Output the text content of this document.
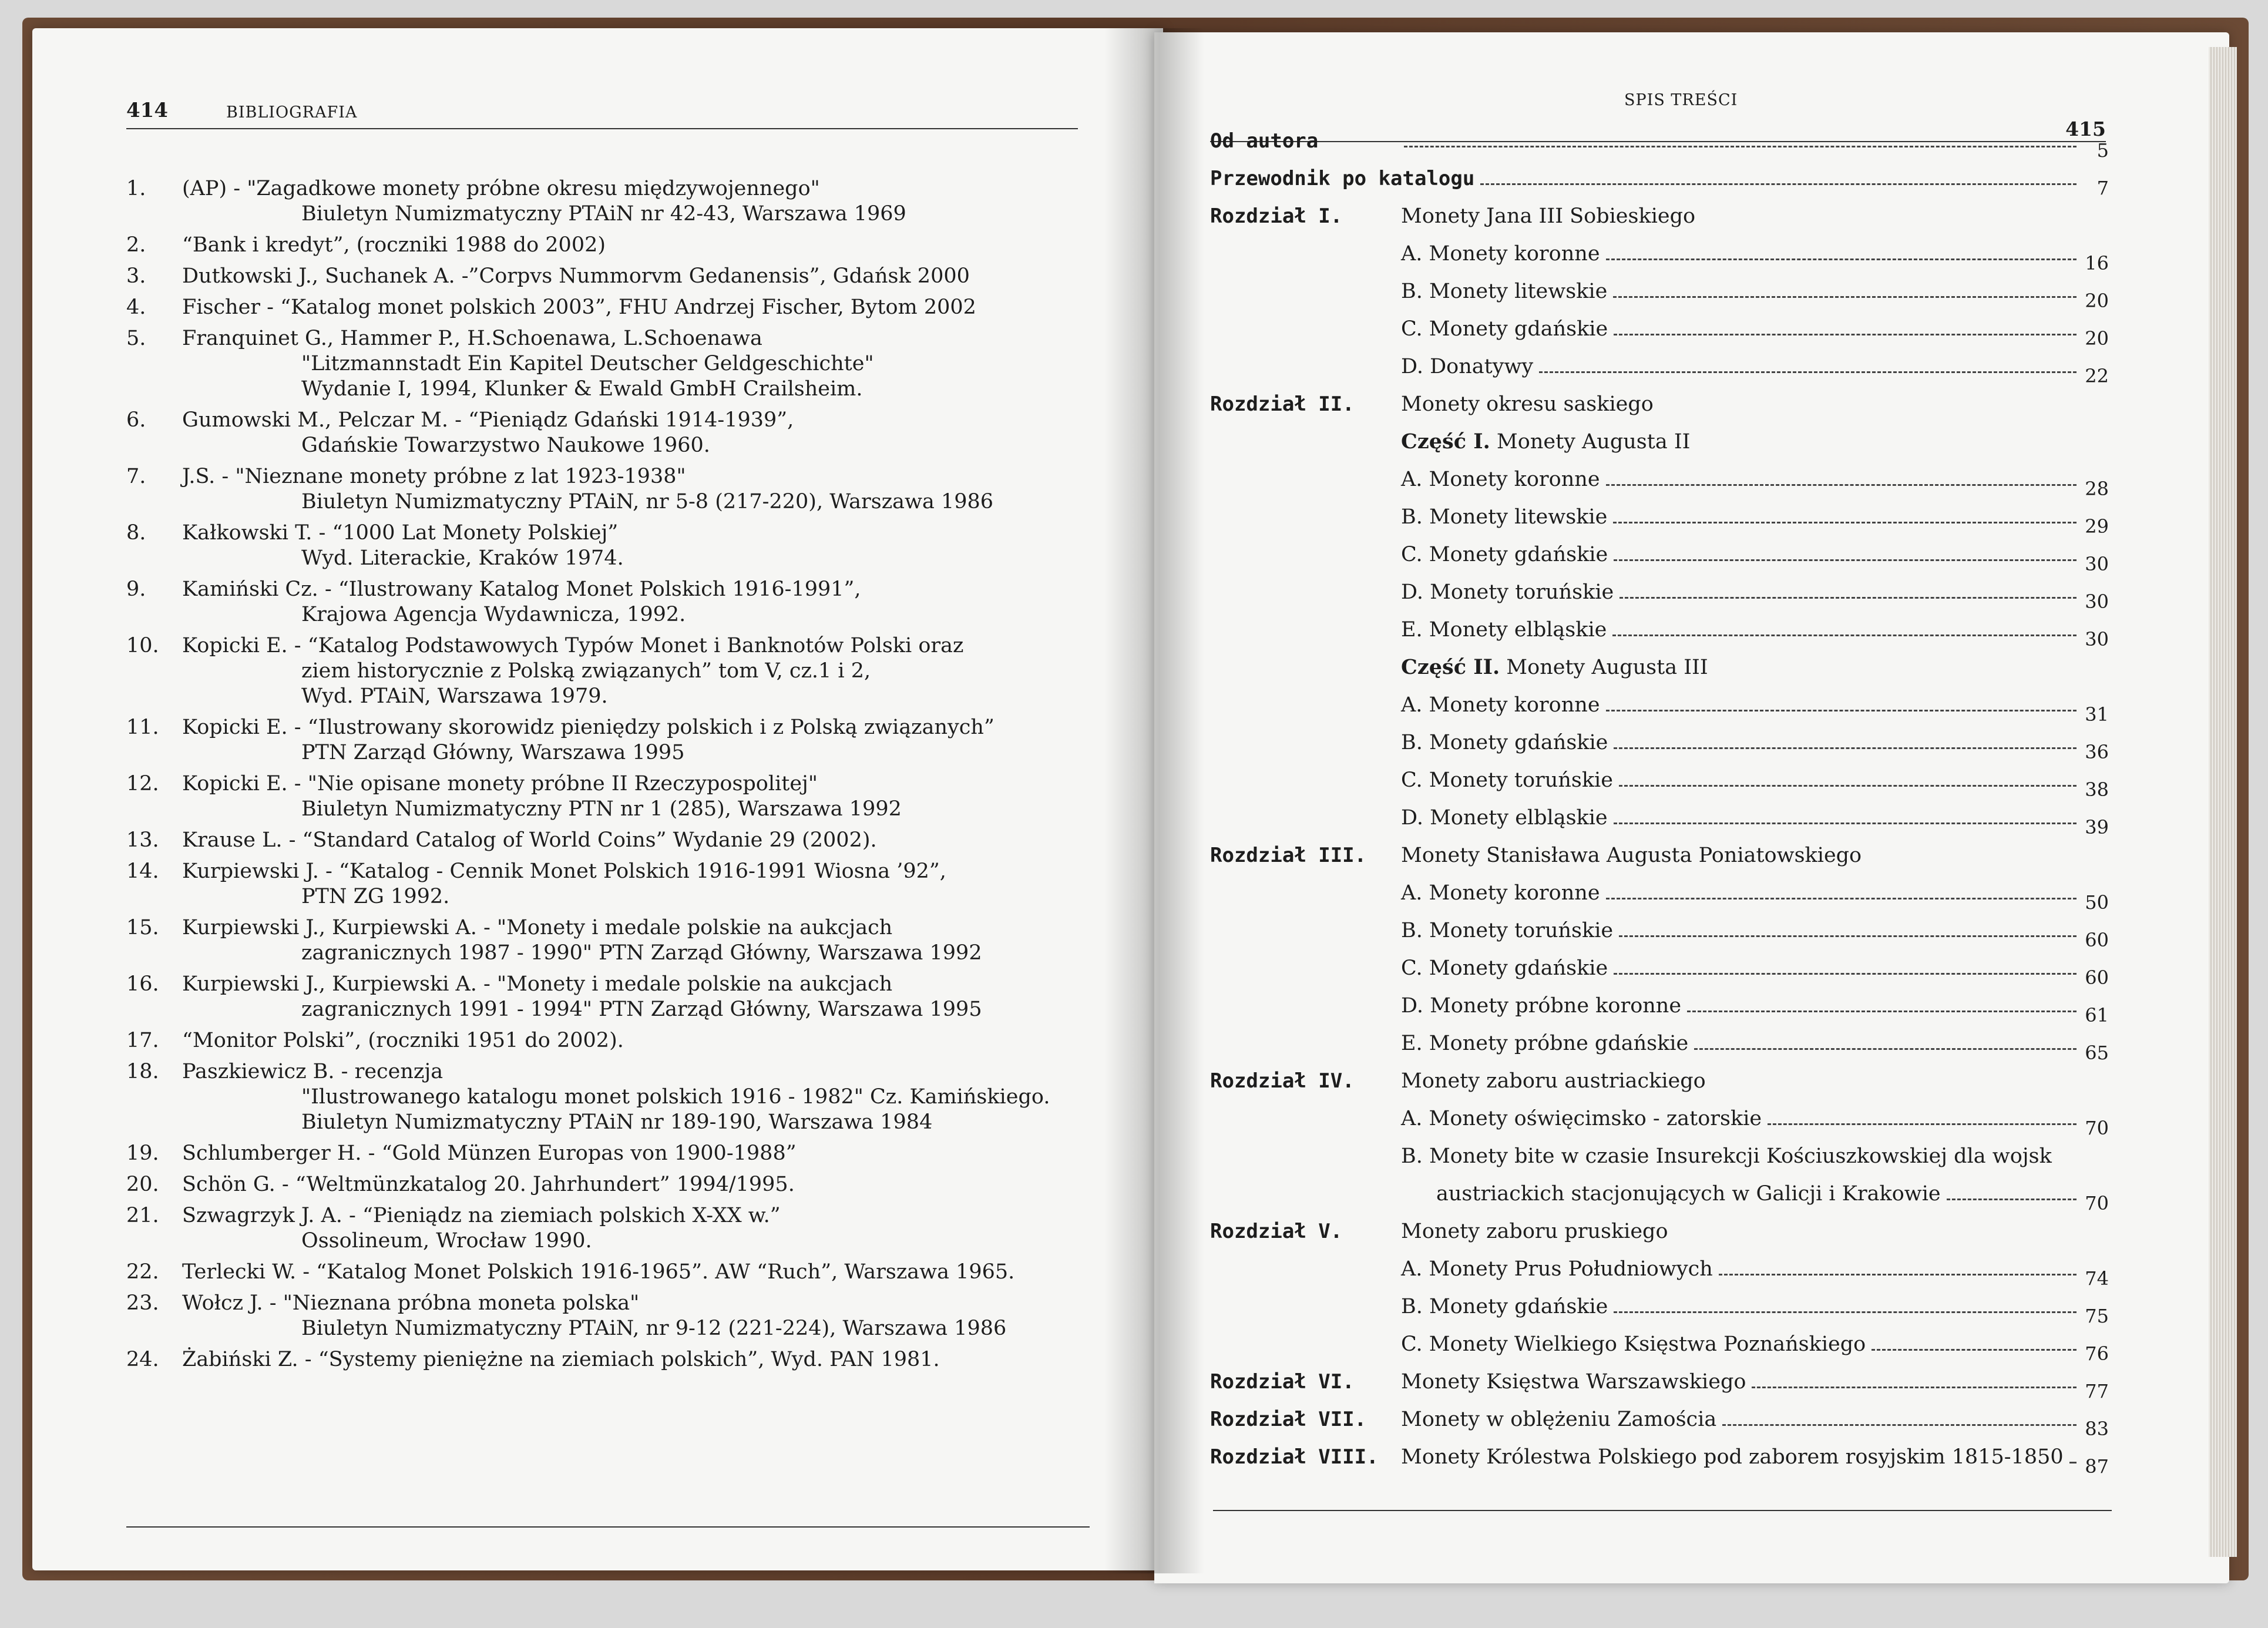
414	BIBLIOGRAFIA
1.	(AP) - "Zagadkowe monety próbne okresu międzywojennego"
Biuletyn Numizmatyczny PTAiN nr 42-43, Warszawa 1969
2.	“Bank i kredyt”, (roczniki 1988 do 2002)
3.	Dutkowski J., Suchanek A. -”Corpvs Nummorvm Gedanensis”, Gdańsk 2000
4.	Fischer - “Katalog monet polskich 2003”, FHU Andrzej Fischer, Bytom 2002
5.	Franquinet G., Hammer P., H.Schoenawa, L.Schoenawa
"Litzmannstadt Ein Kapitel Deutscher Geldgeschichte"
Wydanie I, 1994, Klunker & Ewald GmbH Crailsheim.
6.	Gumowski M., Pelczar M. - “Pieniądz Gdański 1914-1939”,
Gdańskie Towarzystwo Naukowe 1960.
7.	J.S. - "Nieznane monety próbne z lat 1923-1938"
Biuletyn Numizmatyczny PTAiN, nr 5-8 (217-220), Warszawa 1986
8.	Kałkowski T. - “1000 Lat Monety Polskiej”
Wyd. Literackie, Kraków 1974.
9.	Kamiński Cz. - “Ilustrowany Katalog Monet Polskich 1916-1991”,
Krajowa Agencja Wydawnicza, 1992.
10.	Kopicki E. - “Katalog Podstawowych Typów Monet i Banknotów Polski oraz
ziem historycznie z Polską związanych” tom V, cz.1 i 2,
Wyd. PTAiN, Warszawa 1979.
11.	Kopicki E. - “Ilustrowany skorowidz pieniędzy polskich i z Polską związanych”
PTN Zarząd Główny, Warszawa 1995
12.	Kopicki E. - "Nie opisane monety próbne II Rzeczypospolitej"
Biuletyn Numizmatyczny PTN nr 1 (285), Warszawa 1992
13.	Krause L. - “Standard Catalog of World Coins” Wydanie 29 (2002).
14.	Kurpiewski J. - “Katalog - Cennik Monet Polskich 1916-1991 Wiosna ’92”,
PTN ZG 1992.
15.	Kurpiewski J., Kurpiewski A. - "Monety i medale polskie na aukcjach
zagranicznych 1987 - 1990" PTN Zarząd Główny, Warszawa 1992
16.	Kurpiewski J., Kurpiewski A. - "Monety i medale polskie na aukcjach
zagranicznych 1991 - 1994" PTN Zarząd Główny, Warszawa 1995
17.	“Monitor Polski”, (roczniki 1951 do 2002).
18.	Paszkiewicz B. - recenzja
"Ilustrowanego katalogu monet polskich 1916 - 1982" Cz. Kamińskiego.
Biuletyn Numizmatyczny PTAiN nr 189-190, Warszawa 1984
19.	Schlumberger H. - “Gold Münzen Europas von 1900-1988”
20.	Schön G. - “Weltmünzkatalog 20. Jahrhundert” 1994/1995.
21.	Szwagrzyk J. A. - “Pieniądz na ziemiach polskich X-XX w.”
Ossolineum, Wrocław 1990.
22.	Terlecki W. - “Katalog Monet Polskich 1916-1965”. AW “Ruch”, Warszawa 1965.
23.	Wołcz J. - "Nieznana próbna moneta polska"
Biuletyn Numizmatyczny PTAiN, nr 9-12 (221-224), Warszawa 1986
24.	Żabiński Z. - “Systemy pieniężne na ziemiach polskich”, Wyd. PAN 1981.
SPIS TREŚCI
415
Od autora	5
Przewodnik po katalogu	7
Rozdział I.	Monety Jana III Sobieskiego
A. Monety koronne	16
B. Monety litewskie	20
C. Monety gdańskie	20
D. Donatywy	22
Rozdział II. Monety okresu saskiego
Część I. Monety Augusta II
A. Monety koronne	28
B. Monety litewskie	29
C. Monety gdańskie	30
D. Monety toruńskie	30
E. Monety elbląskie	30
Część II. Monety Augusta III
A. Monety koronne	31
B. Monety gdańskie	36
C. Monety toruńskie	38
D. Monety elbląskie	39
Rozdział III. Monety Stanisława Augusta Poniatowskiego
A. Monety koronne	50
B. Monety toruńskie	60
C. Monety gdańskie	60
D. Monety próbne koronne	61
E. Monety próbne gdańskie	65
Rozdział IV. Monety zaboru austriackiego
A. Monety oświęcimsko - zatorskie	70
B. Monety bite w czasie Insurekcji Kościuszkowskiej dla wojsk
austriackich stacjonujących w Galicji i Krakowie	70
Rozdział V.	Monety zaboru pruskiego
A. Monety Prus Południowych	74
B. Monety gdańskie	75
C. Monety Wielkiego Księstwa Poznańskiego	76
Rozdział VI. Monety Księstwa Warszawskiego	77
Rozdział VII. Monety w oblężeniu Zamościa	83
Rozdział VIII. Monety Królestwa Polskiego pod zaborem rosyjskim 1815-1850 87
